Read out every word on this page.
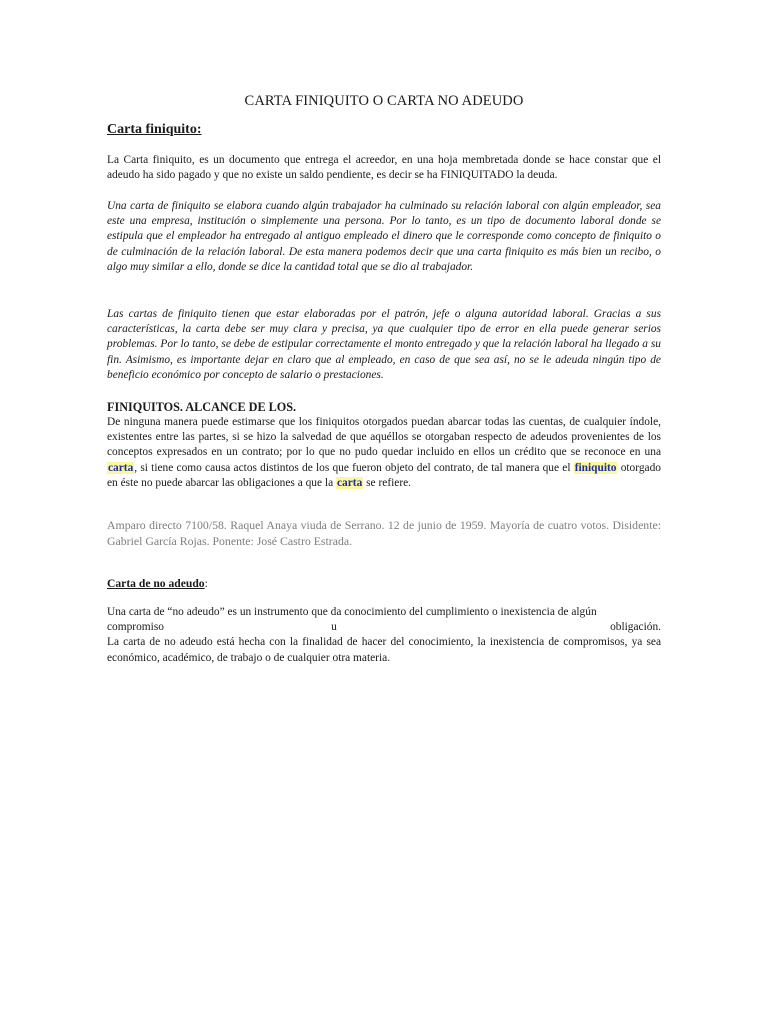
CARTA FINIQUITO O CARTA NO ADEUDO
Carta finiquito:

La Carta finiquito, es un documento que entrega el acreedor, en una hoja membretada donde se hace constar que el adeudo ha sido pagado y que no existe un saldo pendiente, es decir se ha FINIQUITADO la deuda.

Una carta de finiquito se elabora cuando algún trabajador ha culminado su relación laboral con algún empleador, sea este una empresa, institución o simplemente una persona. Por lo tanto, es un tipo de documento laboral donde se estipula que el empleador ha entregado al antiguo empleado el dinero que le corresponde como concepto de finiquito o de culminación de la relación laboral. De esta manera podemos decir que una carta finiquito es más bien un recibo, o algo muy similar a ello, donde se dice la cantidad total que se dio al trabajador.

Las cartas de finiquito tienen que estar elaboradas por el patrón, jefe o alguna autoridad laboral. Gracias a sus características, la carta debe ser muy clara y precisa, ya que cualquier tipo de error en ella puede generar serios problemas. Por lo tanto, se debe de estipular correctamente el monto entregado y que la relación laboral ha llegado a su fin. Asimismo, es importante dejar en claro que al empleado, en caso de que sea así, no se le adeuda ningún tipo de beneficio económico por concepto de salario o prestaciones.

FINIQUITOS. ALCANCE DE LOS.

De ninguna manera puede estimarse que los finiquitos otorgados puedan abarcar todas las cuentas, de cualquier índole, existentes entre las partes, si se hizo la salvedad de que aquéllos se otorgaban respecto de adeudos provenientes de los conceptos expresados en un contrato; por lo que no pudo quedar incluido en ellos un crédito que se reconoce en una carta, si tiene como causa actos distintos de los que fueron objeto del contrato, de tal manera que el finiquito otorgado en éste no puede abarcar las obligaciones a que la carta se refiere.

Amparo directo 7100/58. Raquel Anaya viuda de Serrano. 12 de junio de 1959. Mayoría de cuatro votos. Disidente: Gabriel García Rojas. Ponente: José Castro Estrada.

Carta de no adeudo:
Una carta de “no adeudo” es un instrumento que da conocimiento del cumplimiento o inexistencia de algún
compromiso	u	obligación.
La carta de no adeudo está hecha con la finalidad de hacer del conocimiento, la inexistencia de compromisos, ya sea económico, académico, de trabajo o de cualquier otra materia.
